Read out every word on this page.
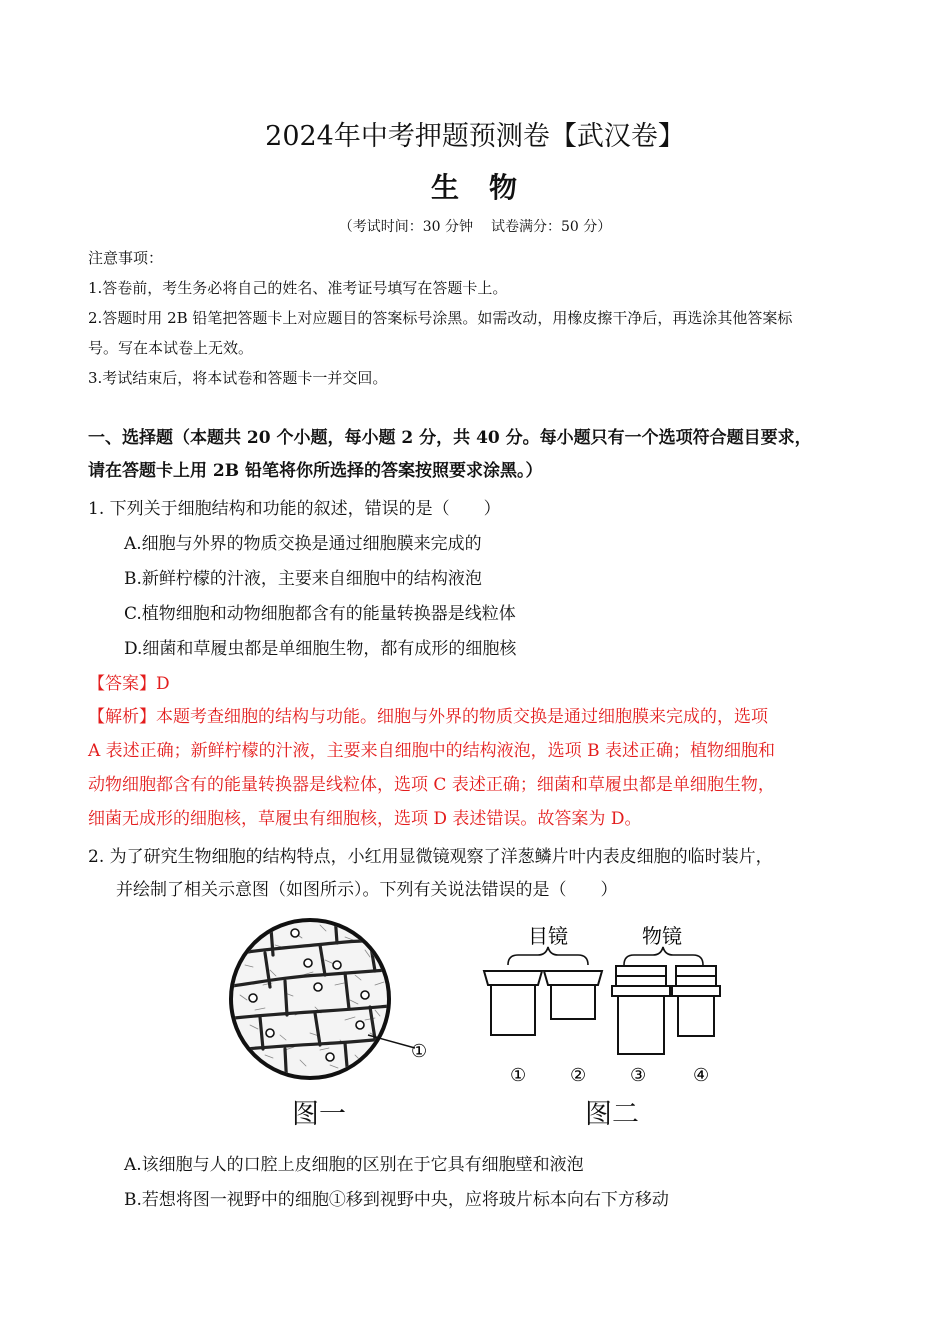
2024年中考押题预测卷【武汉卷】
生 物
（考试时间：30 分钟 试卷满分：50 分）
注意事项：
1.答卷前，考生务必将自己的姓名、准考证号填写在答题卡上。
2.答题时用 2B 铅笔把答题卡上对应题目的答案标号涂黑。如需改动，用橡皮擦干净后，再选涂其他答案标
号。写在本试卷上无效。
3.考试结束后，将本试卷和答题卡一并交回。
一、选择题（本题共 20 个小题，每小题 2 分，共 40 分。每小题只有一个选项符合题目要求，
请在答题卡上用 2B 铅笔将你所选择的答案按照要求涂黑。）
1. 下列关于细胞结构和功能的叙述，错误的是（　　）
A.细胞与外界的物质交换是通过细胞膜来完成的
B.新鲜柠檬的汁液，主要来自细胞中的结构液泡
C.植物细胞和动物细胞都含有的能量转换器是线粒体
D.细菌和草履虫都是单细胞生物，都有成形的细胞核
【答案】D
【解析】本题考查细胞的结构与功能。细胞与外界的物质交换是通过细胞膜来完成的，选项
A 表述正确；新鲜柠檬的汁液，主要来自细胞中的结构液泡，选项 B 表述正确；植物细胞和
动物细胞都含有的能量转换器是线粒体，选项 C 表述正确；细菌和草履虫都是单细胞生物，
细菌无成形的细胞核，草履虫有细胞核，选项 D 表述错误。故答案为 D。
2. 为了研究生物细胞的结构特点，小红用显微镜观察了洋葱鳞片叶内表皮细胞的临时装片，
并绘制了相关示意图（如图所示）。下列有关说法错误的是（　　）
①
图一
目镜	物镜
① ② ③	④
图二
A.该细胞与人的口腔上皮细胞的区别在于它具有细胞壁和液泡
B.若想将图一视野中的细胞①移到视野中央，应将玻片标本向右下方移动
